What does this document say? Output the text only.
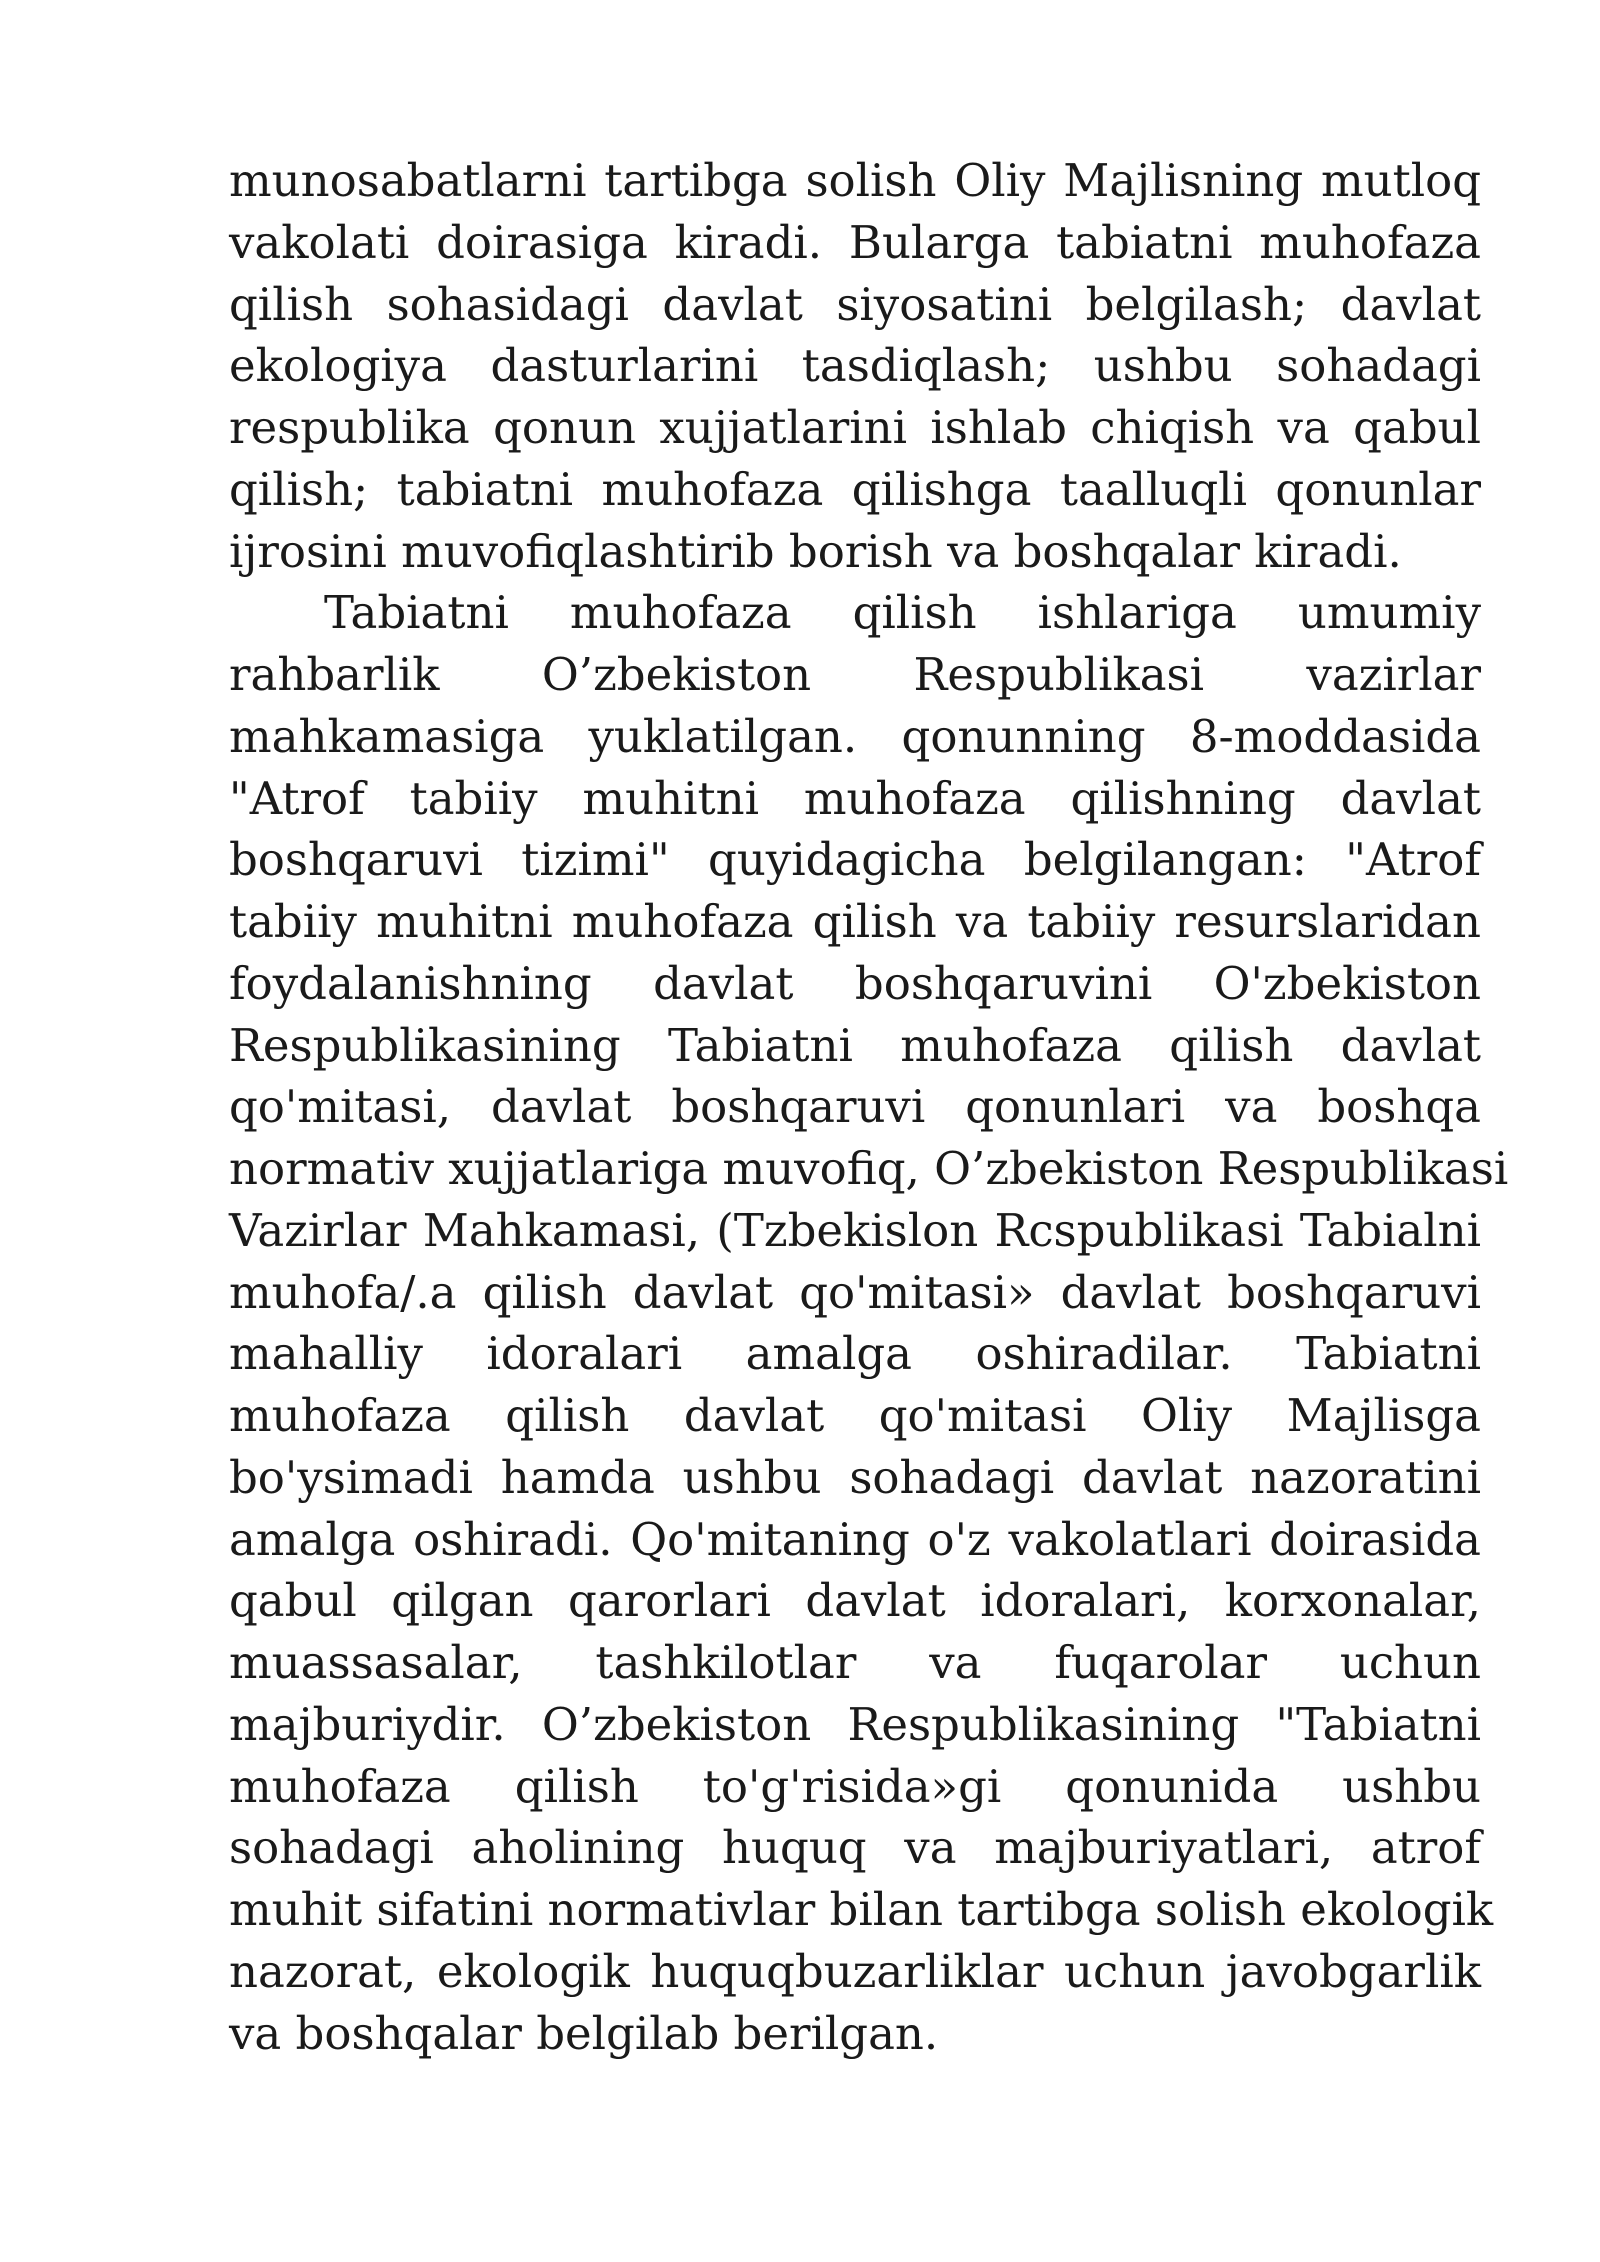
munosabatlarni tartibga solish Oliy Majlisning mutloq
vakolati doirasiga kiradi. Bularga tabiatni muhofaza
qilish sohasidagi davlat siyosatini belgilash; davlat
ekologiya dasturlarini tasdiqlash; ushbu sohadagi
respublika qonun xujjatlarini ishlab chiqish va qabul
qilish; tabiatni muhofaza qilishga taalluqli qonunlar
ijrosini muvofiqlashtirib borish va boshqalar kiradi.
Tabiatni muhofaza qilish ishlariga umumiy
rahbarlik O’zbekiston Respublikasi vazirlar
mahkamasiga yuklatilgan. qonunning 8-moddasida
"Atrof tabiiy muhitni muhofaza qilishning davlat
boshqaruvi tizimi" quyidagicha belgilangan: "Atrof
tabiiy muhitni muhofaza qilish va tabiiy resurslaridan
foydalanishning davlat boshqaruvini O'zbekiston
Respublikasining Tabiatni muhofaza qilish davlat
qo'mitasi, davlat boshqaruvi qonunlari va boshqa
normativ xujjatlariga muvofiq, O’zbekiston Respublikasi
Vazirlar Mahkamasi, (Tzbekislon Rcspublikasi Tabialni
muhofa/.a qilish davlat qo'mitasi» davlat boshqaruvi
mahalliy idoralari amalga oshiradilar. Tabiatni
muhofaza qilish davlat qo'mitasi Oliy Majlisga
bo'ysimadi hamda ushbu sohadagi davlat nazoratini
amalga oshiradi. Qo'mitaning o'z vakolatlari doirasida
qabul qilgan qarorlari davlat idoralari, korxonalar,
muassasalar, tashkilotlar va fuqarolar uchun
majburiydir. O’zbekiston Respublikasining "Tabiatni
muhofaza qilish to'g'risida»gi qonunida ushbu
sohadagi aholining huquq va majburiyatlari, atrof
muhit sifatini normativlar bilan tartibga solish ekologik
nazorat, ekologik huquqbuzarliklar uchun javobgarlik
va boshqalar belgilab berilgan.
